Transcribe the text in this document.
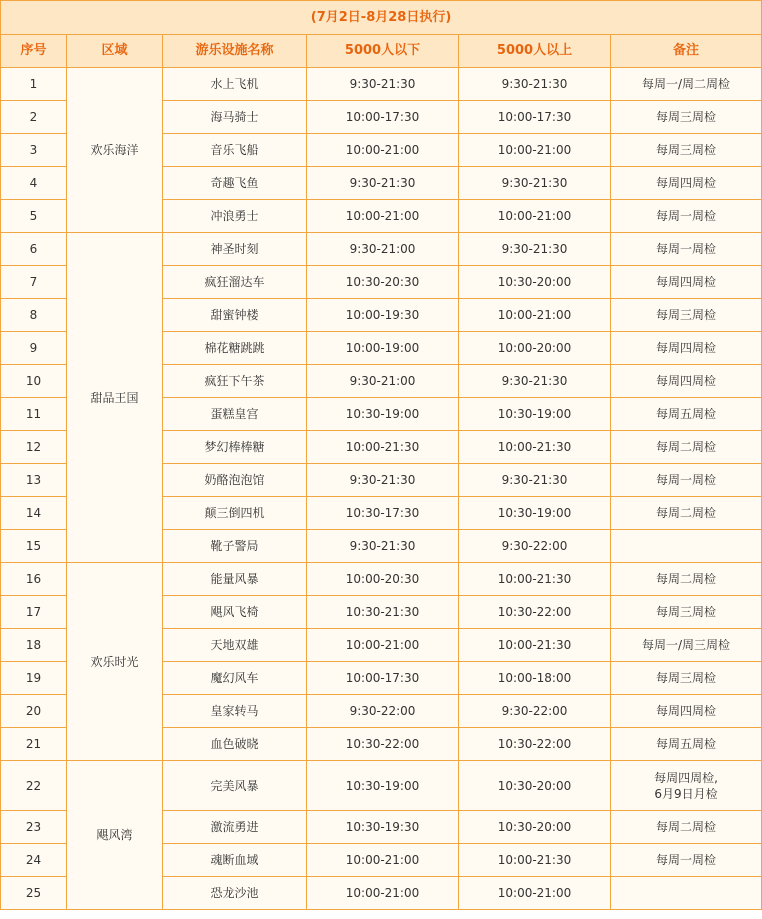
(7月2日-8月28日执行)					
序号	区域	游乐设施名称	5000人以下	5000人以上	备注
1	欢乐海洋	水上飞机	9:30-21:30	9:30-21:30	每周一/周二周检
2		海马骑士	10:00-17:30	10:00-17:30	每周三周检
3		音乐飞船	10:00-21:00	10:00-21:00	每周三周检
4		奇趣飞鱼	9:30-21:30	9:30-21:30	每周四周检
5		冲浪勇士	10:00-21:00	10:00-21:00	每周一周检
6	甜品王国	神圣时刻	9:30-21:00	9:30-21:30	每周一周检
7		疯狂溜达车	10:30-20:30	10:30-20:00	每周四周检
8		甜蜜钟楼	10:00-19:30	10:00-21:00	每周三周检
9		棉花糖跳跳	10:00-19:00	10:00-20:00	每周四周检
10		疯狂下午茶	9:30-21:00	9:30-21:30	每周四周检
11		蛋糕皇宫	10:30-19:00	10:30-19:00	每周五周检
12		梦幻棒棒糖	10:00-21:30	10:00-21:30	每周二周检
13		奶酪泡泡馆	9:30-21:30	9:30-21:30	每周一周检
14		颠三倒四机	10:30-17:30	10:30-19:00	每周二周检
15		靴子警局	9:30-21:30	9:30-22:00	
16	欢乐时光	能量风暴	10:00-20:30	10:00-21:30	每周二周检
17		飓风飞椅	10:30-21:30	10:30-22:00	每周三周检
18		天地双雄	10:00-21:00	10:00-21:30	每周一/周三周检
19		魔幻风车	10:00-17:30	10:00-18:00	每周三周检
20		皇家转马	9:30-22:00	9:30-22:00	每周四周检
21		血色破晓	10:30-22:00	10:30-22:00	每周五周检
22	飓风湾	完美风暴	10:30-19:00	10:30-20:00	每周四周检,
6月9日月检

23		激流勇进	10:30-19:30	10:30-20:00	每周二周检
24		魂断血域	10:00-21:00	10:00-21:30	每周一周检
25		恐龙沙池	10:00-21:00	10:00-21:00	
